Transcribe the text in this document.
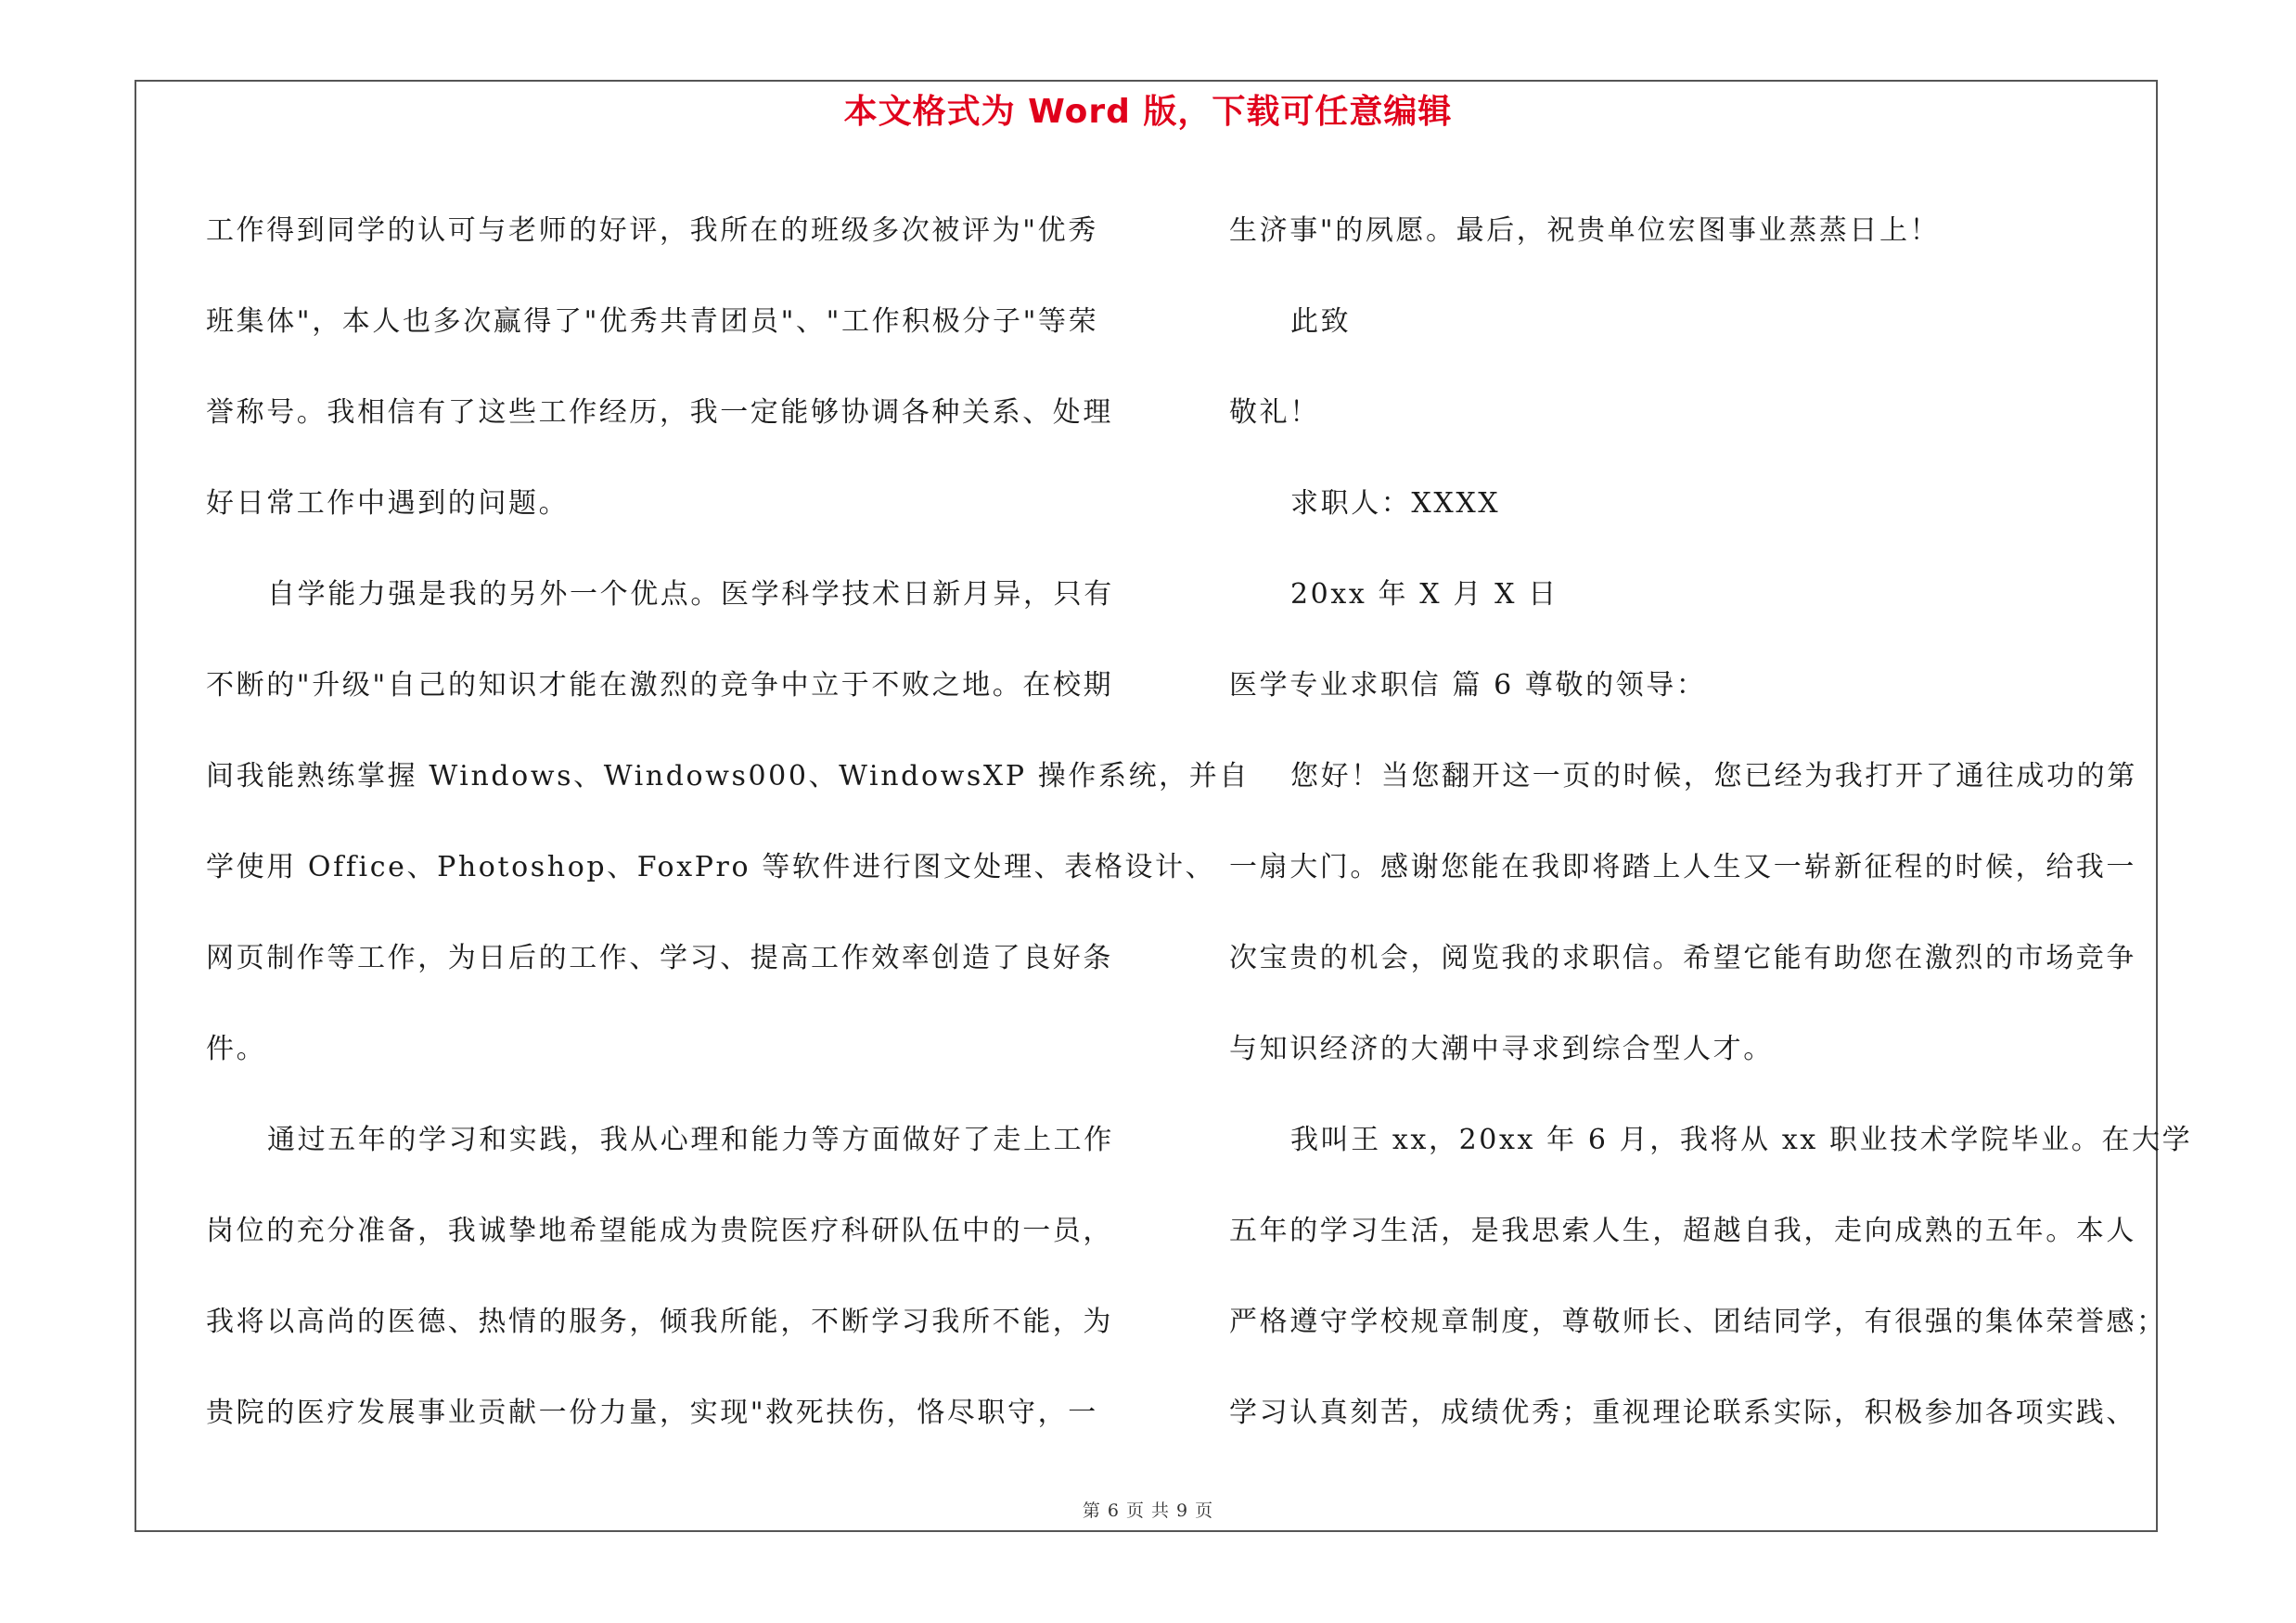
本文格式为 Word 版，下载可任意编辑
工作得到同学的认可与老师的好评，我所在的班级多次被评为"优秀
班集体"，本人也多次赢得了"优秀共青团员"、"工作积极分子"等荣
誉称号。我相信有了这些工作经历，我一定能够协调各种关系、处理
好日常工作中遇到的问题。
自学能力强是我的另外一个优点。医学科学技术日新月异，只有
不断的"升级"自己的知识才能在激烈的竞争中立于不败之地。在校期
间我能熟练掌握 Windows、Windows000、WindowsXP 操作系统，并自
学使用 Office、Photoshop、FoxPro 等软件进行图文处理、表格设计、
网页制作等工作，为日后的工作、学习、提高工作效率创造了良好条
件。
通过五年的学习和实践，我从心理和能力等方面做好了走上工作
岗位的充分准备，我诚挚地希望能成为贵院医疗科研队伍中的一员，
我将以高尚的医德、热情的服务，倾我所能，不断学习我所不能，为
贵院的医疗发展事业贡献一份力量，实现"救死扶伤，恪尽职守，一
生济事"的夙愿。最后，祝贵单位宏图事业蒸蒸日上！
此致
敬礼！
求职人：XXXX
20xx 年 X 月 X 日
医学专业求职信 篇 6 尊敬的领导：
您好！当您翻开这一页的时候，您已经为我打开了通往成功的第
一扇大门。感谢您能在我即将踏上人生又一崭新征程的时候，给我一
次宝贵的机会，阅览我的求职信。希望它能有助您在激烈的市场竞争
与知识经济的大潮中寻求到综合型人才。
我叫王 xx，20xx 年 6 月，我将从 xx 职业技术学院毕业。在大学
五年的学习生活，是我思索人生，超越自我，走向成熟的五年。本人
严格遵守学校规章制度，尊敬师长、团结同学，有很强的集体荣誉感；
学习认真刻苦，成绩优秀；重视理论联系实际，积极参加各项实践、
第 6 页 共 9 页
